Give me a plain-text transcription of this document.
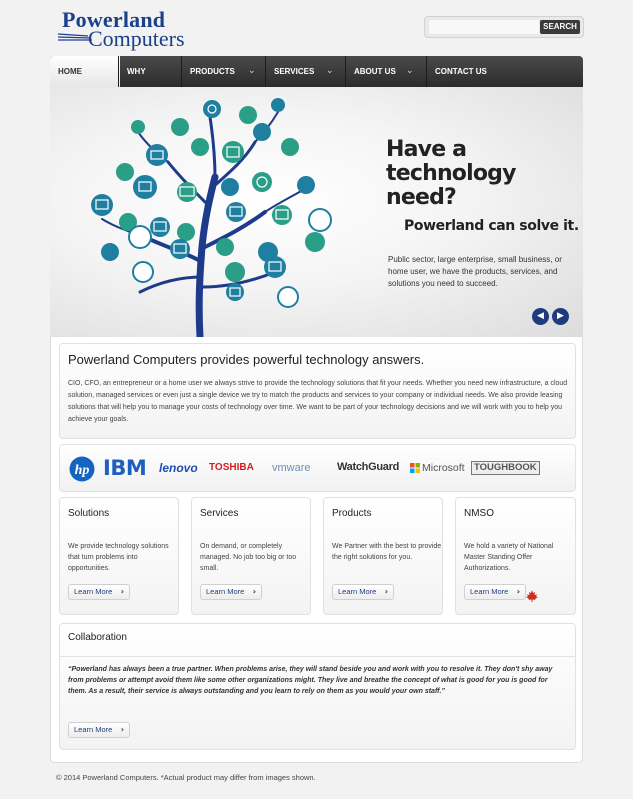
Powerland
Computers	SEARCH
HOME	WHY	PRODUCTS	⌄	SERVICES	⌄	ABOUT US	⌄	CONTACT US
Have a technology need?
Powerland can solve it.
Public sector, large enterprise, small business, or home user, we have the products, services, and solutions you need to succeed.
◀	▶
Powerland Computers provides powerful technology answers.
CIO, CFO, an entrepreneur or a home user we always strive to provide the technology solutions that fit your needs. Whether you need new infrastructure, a cloud solution, managed services or even just a single device we try to match the products and services to your company or individual needs. We also provide leasing solutions that will help you to manage your costs of technology over time. We want to be part of your technology decisions and we will work with you to help you achieve your goals.
hp IBM lenovo TOSHIBA vmware WatchGuard Microsoft TOUGHBOOK
Solutions
We provide technology solutions that turn problems into opportunities.
Learn More ›
Services
On demand, or completely managed. No job too big or too small.
Learn More ›
Products
We Partner with the best to provide the right solutions for you.
Learn More ›
NMSO
We hold a variety of National Master Standing Offer Authorizations.
Learn More ›
Collaboration
“Powerland has always been a true partner. When problems arise, they will stand beside you and work with you to resolve it. They don't shy away from problems or attempt avoid them like some other organizations might. They live and breathe the concept of what is good for you is good for them. As a result, their service is always outstanding and you learn to rely on them as you would your own staff.”
Learn More ›
© 2014 Powerland Computers. *Actual product may differ from images shown.
